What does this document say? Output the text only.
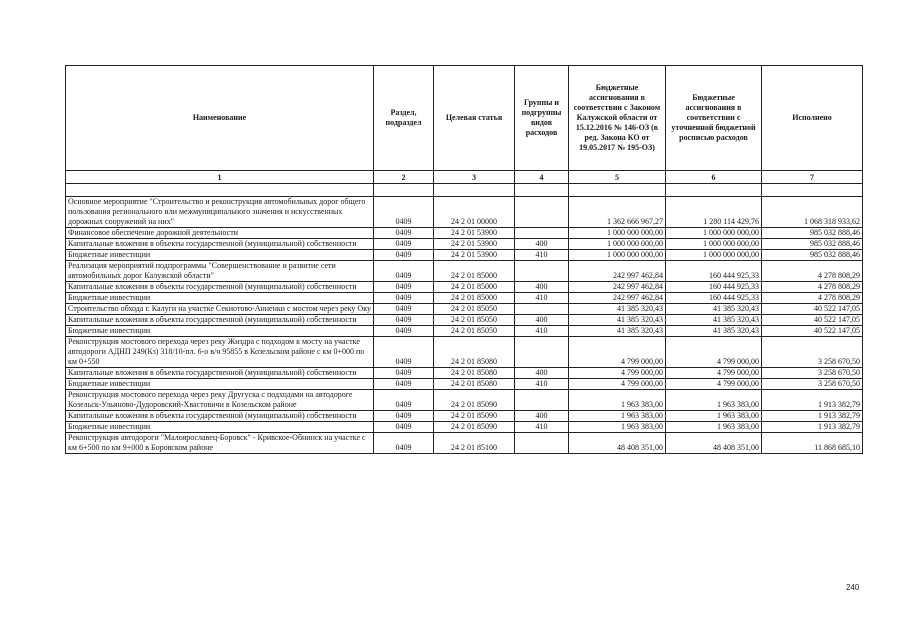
Наименование	Раздел, подраздел	Целевая статья	Группы и подгруппы видов расходов	Бюджетные ассигнования в соответствии с Законом Калужской области от 15.12.2016 № 146-ОЗ (в ред. Закона КО от 19.05.2017 № 195-ОЗ)	Бюджетные ассигнования в соответствии с уточненной бюджетной росписью расходов	Исполнено
1	2	3	4	5	6	7

Основное мероприятие "Строительство и реконструкция автомобильных дорог общего пользования регионального или межмуниципального значения и искусственных дорожных сооружений на них"	0409	24 2 01 00000		1 362 666 967,27	1 280 114 429,76	1 068 318 933,62
Финансовое обеспечение дорожной деятельности	0409	24 2 01 53900		1 000 000 000,00	1 000 000 000,00	985 032 888,46
Капитальные вложения в объекты государственной (муниципальной) собственности	0409	24 2 01 53900	400	1 000 000 000,00	1 000 000 000,00	985 032 888,46
Бюджетные инвестиции	0409	24 2 01 53900	410	1 000 000 000,00	1 000 000 000,00	985 032 888,46
Реализация мероприятий подпрограммы "Совершенствование и развитие сети автомобильных дорог Калужской области"	0409	24 2 01 85000		242 997 462,84	160 444 925,33	4 278 808,29
Капитальные вложения в объекты государственной (муниципальной) собственности	0409	24 2 01 85000	400	242 997 462,84	160 444 925,33	4 278 808,29
Бюджетные инвестиции	0409	24 2 01 85000	410	242 997 462,84	160 444 925,33	4 278 808,29
Строительство обхода г. Калуги на участке Секиотово-Анненки с мостом через реку Оку	0409	24 2 01 85050		41 385 320,43	41 385 320,43	40 522 147,05
Капитальные вложения в объекты государственной (муниципальной) собственности	0409	24 2 01 85050	400	41 385 320,43	41 385 320,43	40 522 147,05
Бюджетные инвестиции	0409	24 2 01 85050	410	41 385 320,43	41 385 320,43	40 522 147,05
Реконструкция мостового перехода через реку Жиздра с подходом к мосту на участке автодороги АДНП 249(Кз) 318/10-пл. 6-о в/ч 95855 в Козельском районе с км 0+000 по км 0+550	0409	24 2 01 85080		4 799 000,00	4 799 000,00	3 258 670,50
Капитальные вложения в объекты государственной (муниципальной) собственности	0409	24 2 01 85080	400	4 799 000,00	4 799 000,00	3 258 670,50
Бюджетные инвестиции	0409	24 2 01 85080	410	4 799 000,00	4 799 000,00	3 258 670,50
Реконструкция мостового перехода через реку Другуска с подходами на автодороге Козельск-Ульяново-Дудоровский-Хвастовичи в Козельском районе	0409	24 2 01 85090		1 963 383,00	1 963 383,00	1 913 382,79
Капитальные вложения в объекты государственной (муниципальной) собственности	0409	24 2 01 85090	400	1 963 383,00	1 963 383,00	1 913 382,79
Бюджетные инвестиции	0409	24 2 01 85090	410	1 963 383,00	1 963 383,00	1 913 382,79
Реконструкция автодороги "Малоярославец-Боровск" - Кривское-Обнинск на участке с км 6+500 по км 9+000 в Боровском районе	0409	24 2 01 85100		48 408 351,00	48 408 351,00	11 868 685,10
240
